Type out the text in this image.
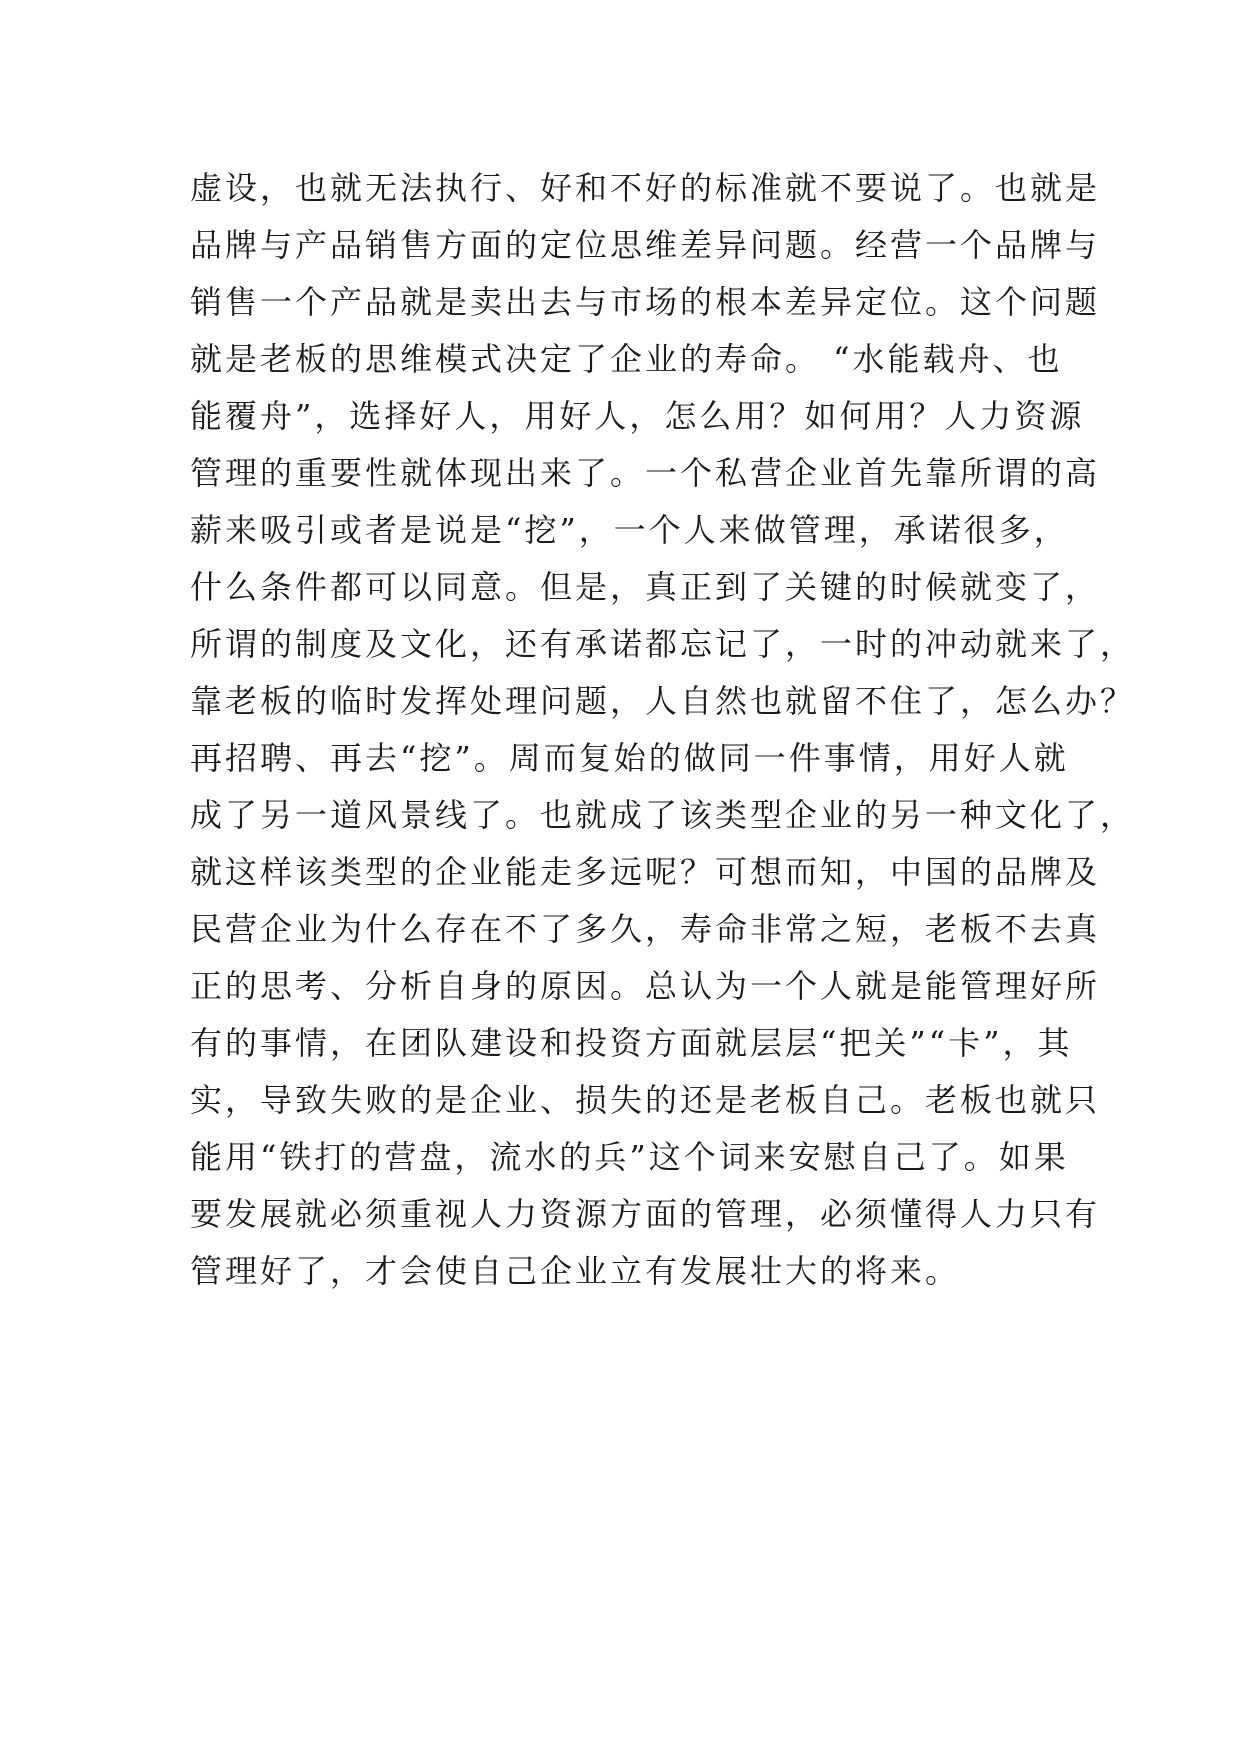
虚设，也就无法执行、好和不好的标准就不要说了。也就是
品牌与产品销售方面的定位思维差异问题。经营一个品牌与
销售一个产品就是卖出去与市场的根本差异定位。这个问题
就是老板的思维模式决定了企业的寿命。 “水能载舟、也
能覆舟”，选择好人，用好人，怎么用？如何用？人力资源
管理的重要性就体现出来了。一个私营企业首先靠所谓的高
薪来吸引或者是说是“挖”，一个人来做管理，承诺很多，
什么条件都可以同意。但是，真正到了关键的时候就变了，
所谓的制度及文化，还有承诺都忘记了，一时的冲动就来了，
靠老板的临时发挥处理问题，人自然也就留不住了，怎么办？
再招聘、再去“挖”。周而复始的做同一件事情，用好人就
成了另一道风景线了。也就成了该类型企业的另一种文化了，
就这样该类型的企业能走多远呢？可想而知，中国的品牌及
民营企业为什么存在不了多久，寿命非常之短，老板不去真
正的思考、分析自身的原因。总认为一个人就是能管理好所
有的事情，在团队建设和投资方面就层层“把关”“卡”，其
实，导致失败的是企业、损失的还是老板自己。老板也就只
能用“铁打的营盘，流水的兵”这个词来安慰自己了。如果
要发展就必须重视人力资源方面的管理，必须懂得人力只有
管理好了，才会使自己企业立有发展壮大的将来。
